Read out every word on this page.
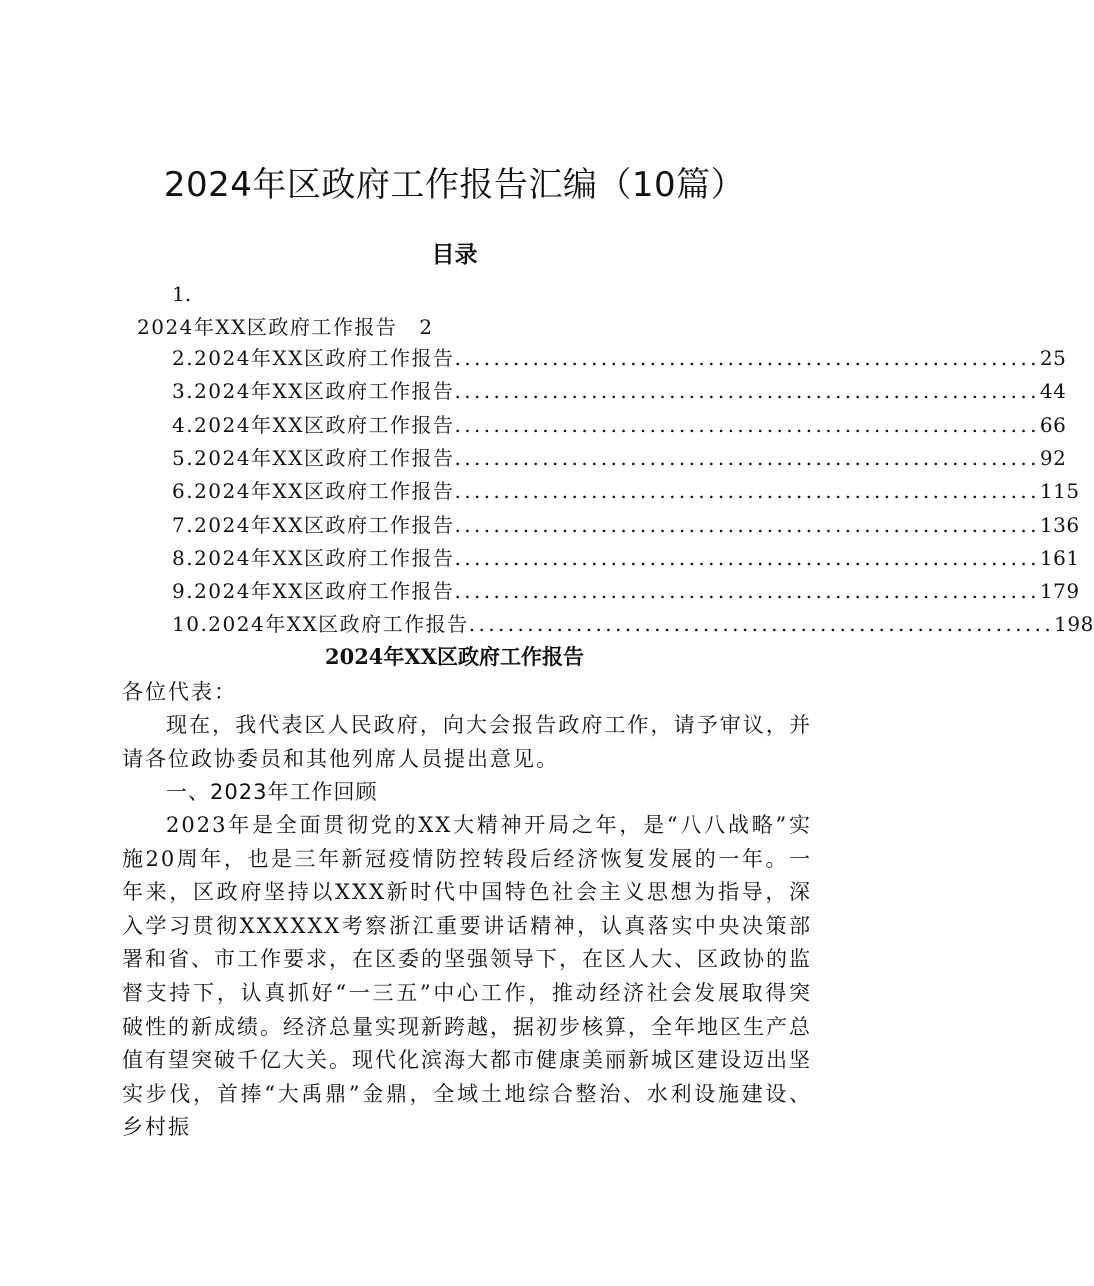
2024年区政府工作报告汇编（10篇）
目录
1.
2024年XX区政府工作报告 2
2.2024年XX区政府工作报告 ............................................................ 25
3.2024年XX区政府工作报告 ............................................................ 44
4.2024年XX区政府工作报告 ............................................................ 66
5.2024年XX区政府工作报告 ............................................................ 92
6.2024年XX区政府工作报告 ............................................................ 115
7.2024年XX区政府工作报告 ............................................................ 136
8.2024年XX区政府工作报告 ............................................................ 161
9.2024年XX区政府工作报告 ............................................................ 179
10.2024年XX区政府工作报告 ............................................................ 198
2024年XX区政府工作报告

各位代表：

现在，我代表区人民政府，向大会报告政府工作，请予审议，并请各位政协委员和其他列席人员提出意见。

一、2023年工作回顾

2023年是全面贯彻党的XX大精神开局之年，是“八八战略”实施20周年，也是三年新冠疫情防控转段后经济恢复发展的一年。一年来，区政府坚持以XXX新时代中国特色社会主义思想为指导，深入学习贯彻XXXXXX考察浙江重要讲话精神，认真落实中央决策部署和省、市工作要求，在区委的坚强领导下，在区人大、区政协的监督支持下，认真抓好“一三五”中心工作，推动经济社会发展取得突破性的新成绩。经济总量实现新跨越，据初步核算，全年地区生产总值有望突破千亿大关。现代化滨海大都市健康美丽新城区建设迈出坚实步伐，首捧“大禹鼎”金鼎，全域土地综合整治、水利设施建设、乡村振
